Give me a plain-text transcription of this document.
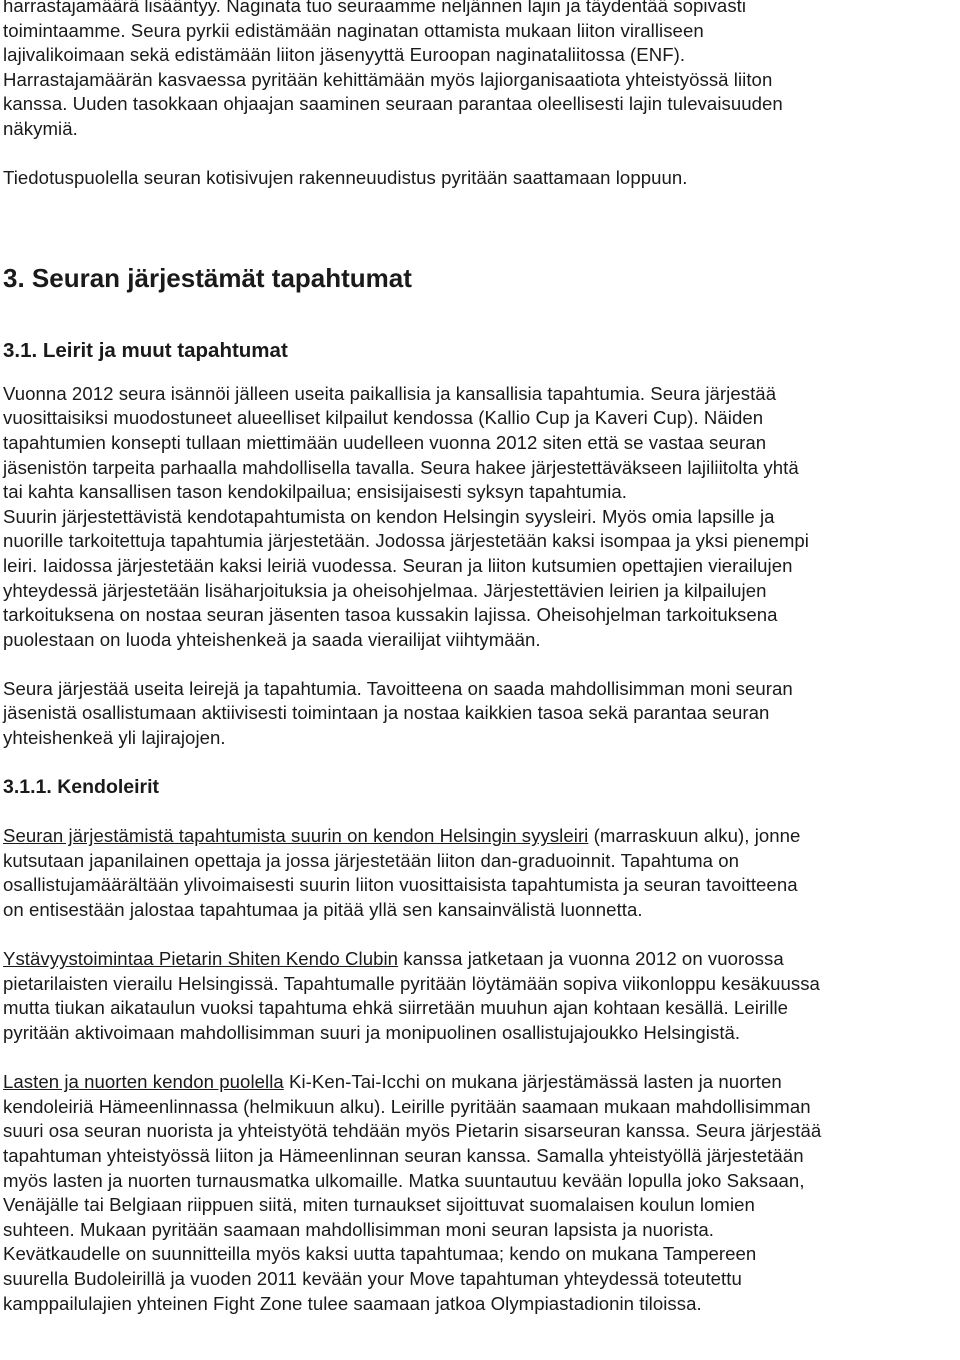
harrastajamäärä lisääntyy. Naginata tuo seuraamme neljännen lajin ja täydentää sopivasti

toimintaamme. Seura pyrkii edistämään naginatan ottamista mukaan liiton viralliseen

lajivalikoimaan sekä edistämään liiton jäsenyyttä Euroopan naginataliitossa (ENF).

Harrastajamäärän kasvaessa pyritään kehittämään myös lajiorganisaatiota yhteistyössä liiton

kanssa. Uuden tasokkaan ohjaajan saaminen seuraan parantaa oleellisesti lajin tulevaisuuden

näkymiä.

Tiedotuspuolella seuran kotisivujen rakenneuudistus pyritään saattamaan loppuun.

3. Seuran järjestämät tapahtumat
3.1. Leirit ja muut tapahtumat

Vuonna 2012 seura isännöi jälleen useita paikallisia ja kansallisia tapahtumia. Seura järjestää

vuosittaisiksi muodostuneet alueelliset kilpailut kendossa (Kallio Cup ja Kaveri Cup). Näiden

tapahtumien konsepti tullaan miettimään uudelleen vuonna 2012 siten että se vastaa seuran

jäsenistön tarpeita parhaalla mahdollisella tavalla. Seura hakee järjestettäväkseen lajiliitolta yhtä

tai kahta kansallisen tason kendokilpailua; ensisijaisesti syksyn tapahtumia.

Suurin järjestettävistä kendotapahtumista on kendon Helsingin syysleiri. Myös omia lapsille ja

nuorille tarkoitettuja tapahtumia järjestetään. Jodossa järjestetään kaksi isompaa ja yksi pienempi

leiri. Iaidossa järjestetään kaksi leiriä vuodessa. Seuran ja liiton kutsumien opettajien vierailujen

yhteydessä järjestetään lisäharjoituksia ja oheisohjelmaa. Järjestettävien leirien ja kilpailujen

tarkoituksena on nostaa seuran jäsenten tasoa kussakin lajissa. Oheisohjelman tarkoituksena

puolestaan on luoda yhteishenkeä ja saada vierailijat viihtymään.

Seura järjestää useita leirejä ja tapahtumia. Tavoitteena on saada mahdollisimman moni seuran

jäsenistä osallistumaan aktiivisesti toimintaan ja nostaa kaikkien tasoa sekä parantaa seuran

yhteishenkeä yli lajirajojen.

3.1.1. Kendoleirit

Seuran järjestämistä tapahtumista suurin on kendon Helsingin syysleiri (marraskuun alku), jonne

kutsutaan japanilainen opettaja ja jossa järjestetään liiton dan-graduoinnit. Tapahtuma on

osallistujamäärältään ylivoimaisesti suurin liiton vuosittaisista tapahtumista ja seuran tavoitteena

on entisestään jalostaa tapahtumaa ja pitää yllä sen kansainvälistä luonnetta.

Ystävyystoimintaa Pietarin Shiten Kendo Clubin kanssa jatketaan ja vuonna 2012 on vuorossa

pietarilaisten vierailu Helsingissä. Tapahtumalle pyritään löytämään sopiva viikonloppu kesäkuussa

mutta tiukan aikataulun vuoksi tapahtuma ehkä siirretään muuhun ajan kohtaan kesällä. Leirille

pyritään aktivoimaan mahdollisimman suuri ja monipuolinen osallistujajoukko Helsingistä.

Lasten ja nuorten kendon puolella Ki-Ken-Tai-Icchi on mukana järjestämässä lasten ja nuorten

kendoleiriä Hämeenlinnassa (helmikuun alku). Leirille pyritään saamaan mukaan mahdollisimman

suuri osa seuran nuorista ja yhteistyötä tehdään myös Pietarin sisarseuran kanssa. Seura järjestää

tapahtuman yhteistyössä liiton ja Hämeenlinnan seuran kanssa. Samalla yhteistyöllä järjestetään

myös lasten ja nuorten turnausmatka ulkomaille. Matka suuntautuu kevään lopulla joko Saksaan,

Venäjälle tai Belgiaan riippuen siitä, miten turnaukset sijoittuvat suomalaisen koulun lomien

suhteen. Mukaan pyritään saamaan mahdollisimman moni seuran lapsista ja nuorista.

Kevätkaudelle on suunnitteilla myös kaksi uutta tapahtumaa; kendo on mukana Tampereen

suurella Budoleirillä ja vuoden 2011 kevään your Move tapahtuman yhteydessä toteutettu

kamppailulajien yhteinen Fight Zone tulee saamaan jatkoa Olympiastadionin tiloissa.
